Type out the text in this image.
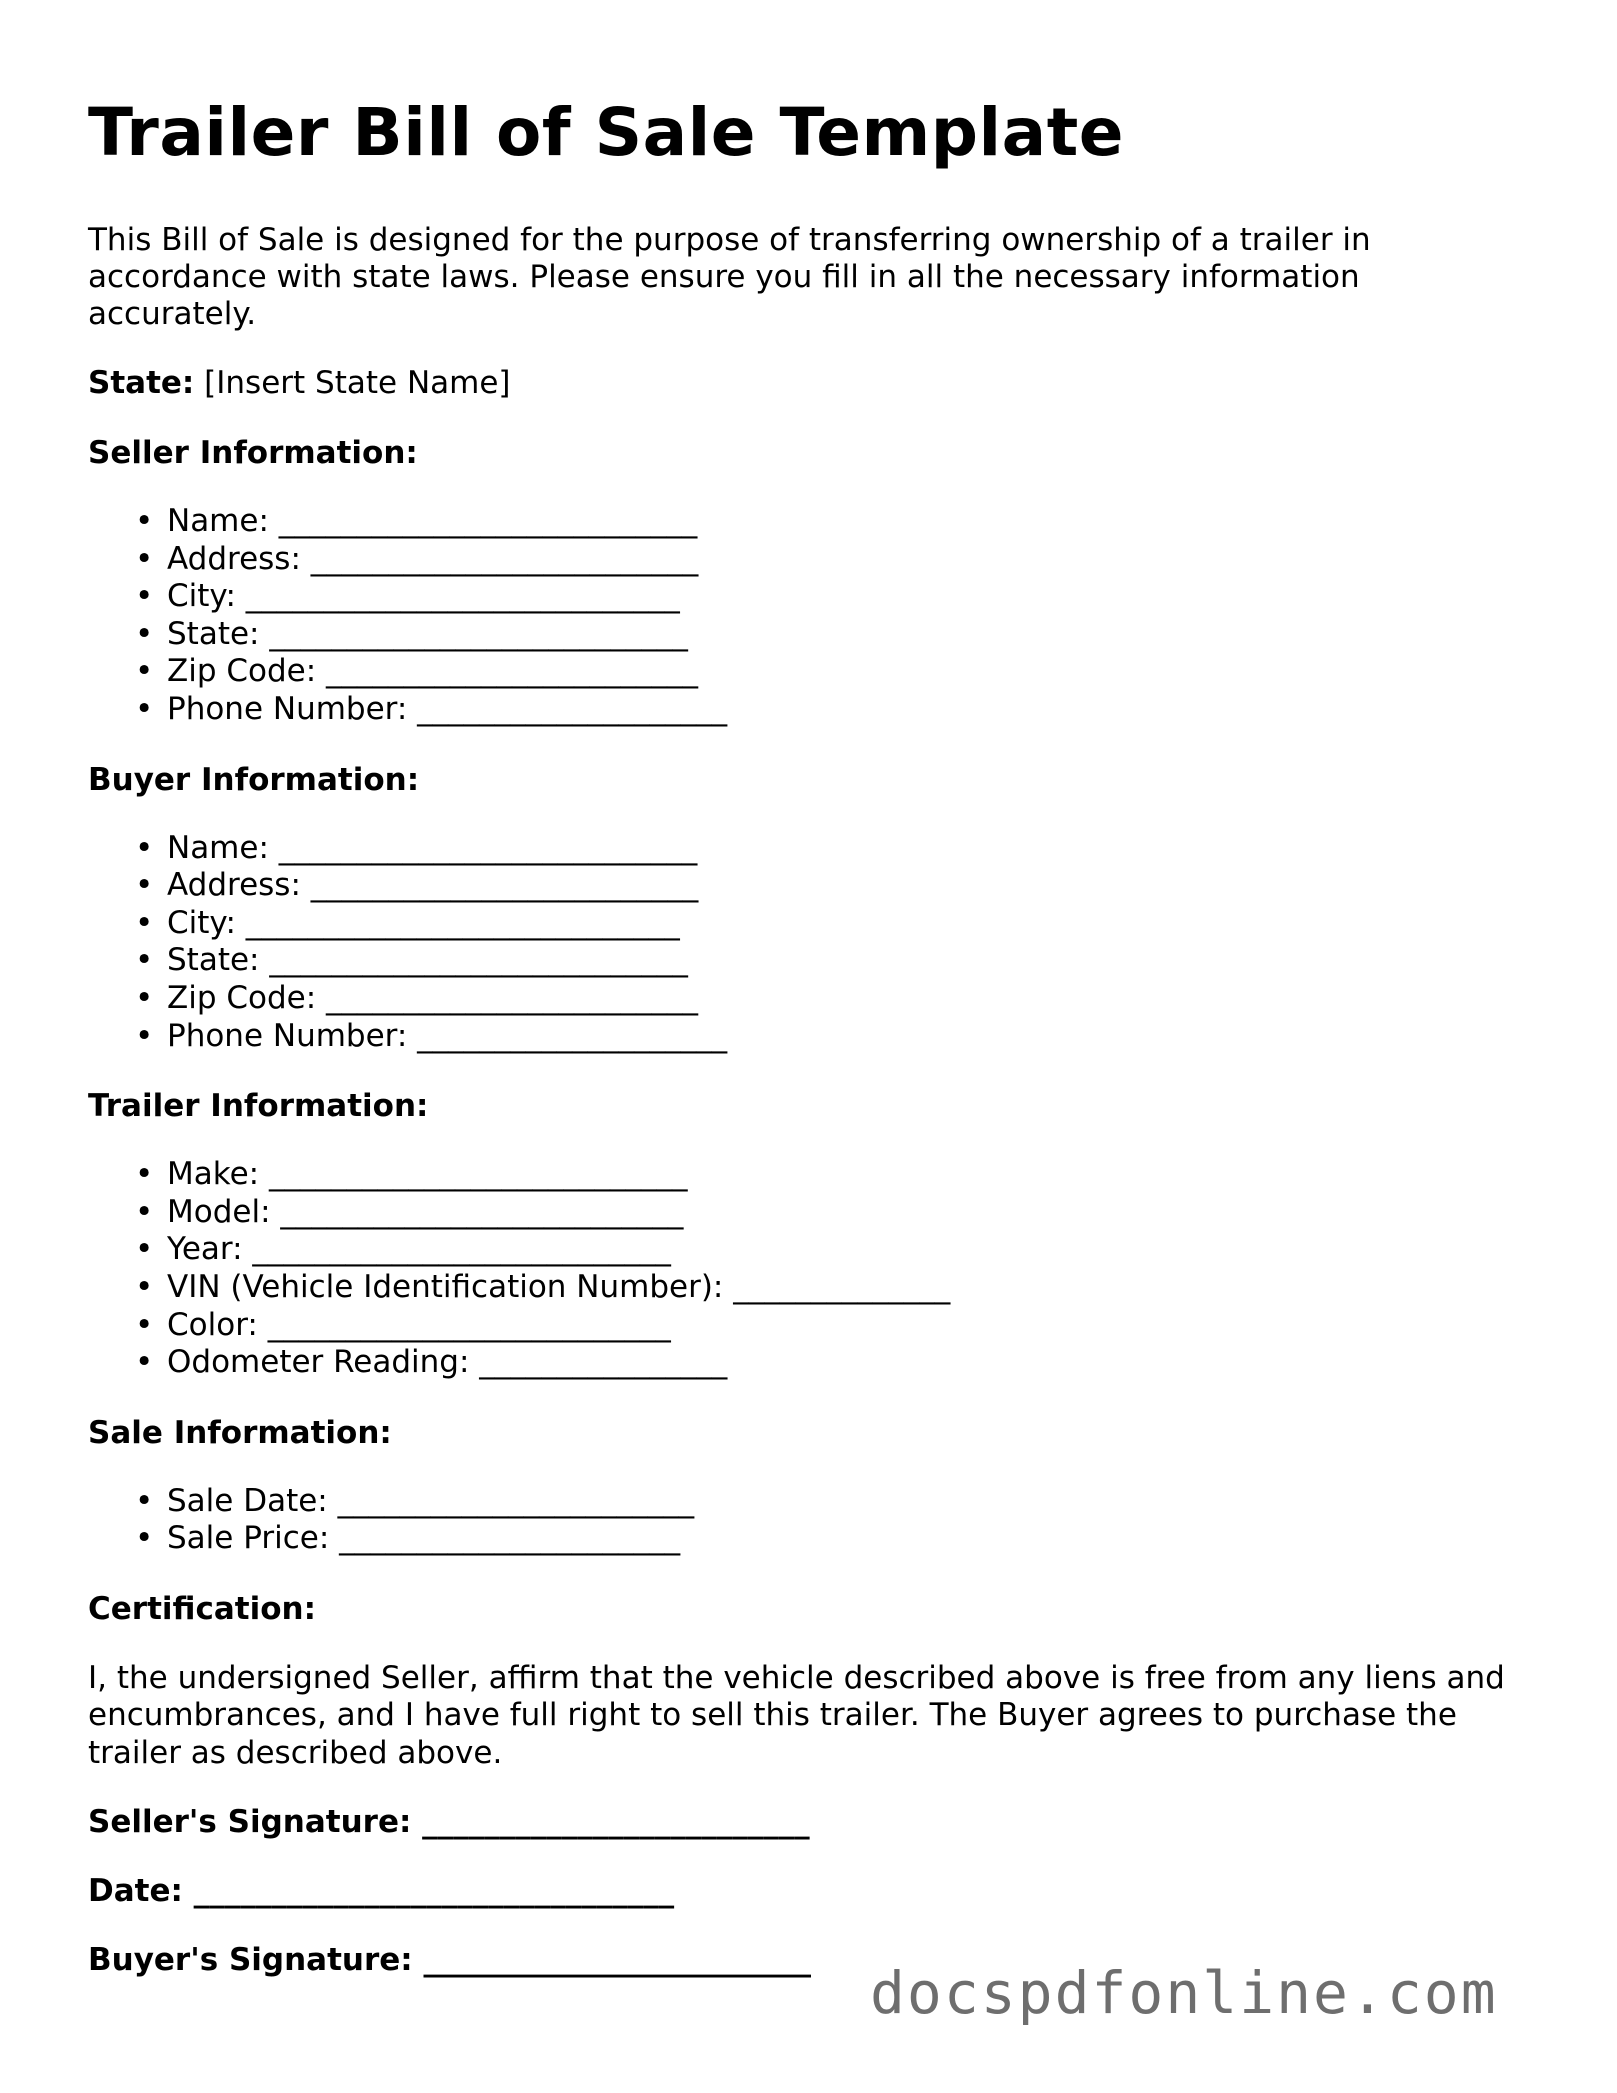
Trailer Bill of Sale Template

This Bill of Sale is designed for the purpose of transferring ownership of a trailer in accordance with state laws. Please ensure you fill in all the necessary information accurately.

State: [Insert State Name]

Seller Information:
• Name: ___________________________
• Address: _________________________
• City: ____________________________
• State: ___________________________
• Zip Code: ________________________
• Phone Number: ____________________
Buyer Information:
• Name: ___________________________
• Address: _________________________
• City: ____________________________
• State: ___________________________
• Zip Code: ________________________
• Phone Number: ____________________
Trailer Information:
• Make: ___________________________
• Model: __________________________
• Year: ___________________________
• VIN (Vehicle Identification Number): ______________
• Color: __________________________
• Odometer Reading: ________________
Sale Information:
• Sale Date: _______________________
• Sale Price: ______________________
Certification:

I, the undersigned Seller, affirm that the vehicle described above is free from any liens and encumbrances, and I have full right to sell this trailer. The Buyer agrees to purchase the trailer as described above.

Seller's Signature: _________________________
Date: _______________________________
Buyer's Signature: _________________________	docspdfonline.com
